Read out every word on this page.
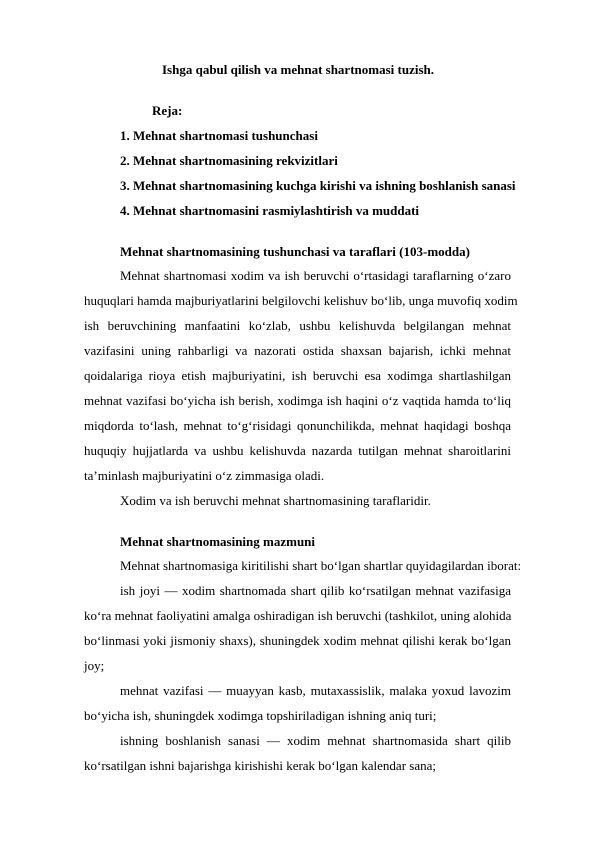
Ishga qabul qilish va mehnat shartnomasi tuzish.
Reja:
1. Mehnat shartnomasi tushunchasi
2. Mehnat shartnomasining rekvizitlari
3. Mehnat shartnomasining kuchga kirishi va ishning boshlanish sanasi
4. Mehnat shartnomasini rasmiylashtirish va muddati
Mehnat shartnomasining tushunchasi va taraflari (103-modda)
Mehnat shartnomasi xodim va ish beruvchi o‘rtasidagi taraflarning o‘zaro
huquqlari hamda majburiyatlarini belgilovchi kelishuv bo‘lib, unga muvofiq xodim
ish beruvchining manfaatini ko‘zlab, ushbu kelishuvda belgilangan mehnat
vazifasini uning rahbarligi va nazorati ostida shaxsan bajarish, ichki mehnat
qoidalariga rioya etish majburiyatini, ish beruvchi esa xodimga shartlashilgan
mehnat vazifasi bo‘yicha ish berish, xodimga ish haqini o‘z vaqtida hamda to‘liq
miqdorda to‘lash, mehnat to‘g‘risidagi qonunchilikda, mehnat haqidagi boshqa
huquqiy hujjatlarda va ushbu kelishuvda nazarda tutilgan mehnat sharoitlarini
ta’minlash majburiyatini o‘z zimmasiga oladi.
Xodim va ish beruvchi mehnat shartnomasining taraflaridir.
Mehnat shartnomasining mazmuni
Mehnat shartnomasiga kiritilishi shart bo‘lgan shartlar quyidagilardan iborat:
ish joyi — xodim shartnomada shart qilib ko‘rsatilgan mehnat vazifasiga
ko‘ra mehnat faoliyatini amalga oshiradigan ish beruvchi (tashkilot, uning alohida
bo‘linmasi yoki jismoniy shaxs), shuningdek xodim mehnat qilishi kerak bo‘lgan
joy;
mehnat vazifasi — muayyan kasb, mutaxassislik, malaka yoxud lavozim
bo‘yicha ish, shuningdek xodimga topshiriladigan ishning aniq turi;
ishning boshlanish sanasi — xodim mehnat shartnomasida shart qilib
ko‘rsatilgan ishni bajarishga kirishishi kerak bo‘lgan kalendar sana;
